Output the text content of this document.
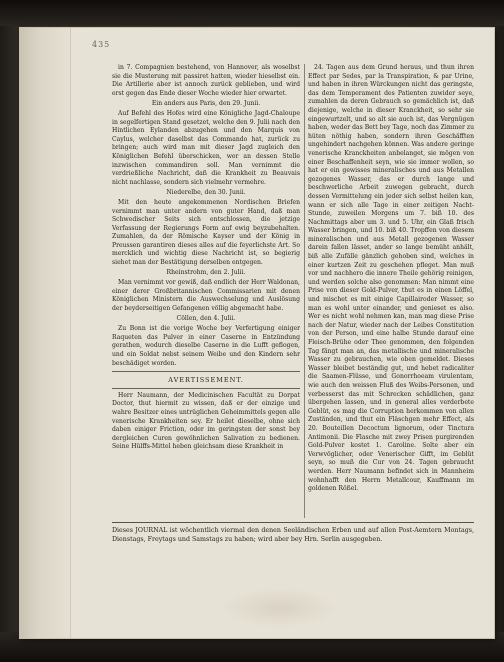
435

in 7. Compagnien bestehend, von Hannover, als woselbst sie die Musterung mit passiret hatten, wieder hieselbst ein. Die Artillerie aber ist annoch zurück geblieben, und wird erst gegen das Ende dieser Woche wieder hier erwartet.

Ein anders aus Paris, den 29. Junii.

Auf Befehl des Hofes wird eine Königliche Jagd-Chaloupe in segelfertigen Stand gesetzet, welche den 9. Julii nach den Hintlichen Eylanden abzugehen und den Marquis von Caylus, welcher daselbst das Commando hat, zurück zu bringen; auch wird man mit dieser Jagd zugleich den Königlichen Befehl überschicken, wer an dessen Stelle inzwischen commandiren soll. Man vernimmt die verdrießliche Nachricht, daß die Krankheit zu Beauvais nicht nachlasse, sondern sich vielmehr vermehre.

Niederelbe, den 30. Junii.

Mit den heute angekommenen Nordischen Briefen vernimmt man unter andern von guter Hand, daß man Schwedischer Seits sich entschlossen, die jetzige Verfassung der Regierungs Form auf ewig beyzubehalten. Zumahlen, da der Römische Kayser und der König in Preussen garantiren dieses alles auf die feyerlichste Art. So mercklich und wichtig diese Nachricht ist, so begierig siehet man der Bestätigung derselben entgegen.

Rheinstrohm, den 2. Julii.

Man vernimmt vor gewiß, daß endlich der Herr Waldonan, einer derer Großbritannischen Commissarien mit denen Königlichen Ministern die Auswechselung und Auslösung der beyderseitigen Gefangenen völlig abgemacht habe.

Cöllen, den 4. Julii.

Zu Bonn ist die vorige Woche bey Verfertigung einiger Raqueten das Pulver in einer Caserne in Entzündung gerathen, wodurch dieselbe Caserne in die Lufft geflogen, und ein Soldat nebst seinem Weibe und den Kindern sehr beschädiget worden.

AVERTISSEMENT.

Herr Naumann, der Medicinischen Facultät zu Dorpat Doctor, thut hiermit zu wissen, daß er der einzige und wahre Besitzer eines untrüglichen Geheimmittels gegen alle venerische Krankheiten sey. Er heilet dieselbe, ohne sich daben einiger Friction, oder im geringsten der sonst bey dergleichen Curen gewöhnlichen Salivation zu bedienen. Seine Hülffs-Mittel heben gleichsam diese Krankheit in

24. Tagen aus dem Grund heraus, und thun ihren Effect par Sedes, par la Transpiration, & par Urine, und haben in ihren Würckungen nicht das geringste, das dem Temperament des Patienten zuwider seye, zumahlen da deren Gebrauch so gemächlich ist, daß diejenige, welche in dieser Kranckheit, so sehr sie eingewurtzelt, und so alt sie auch ist, das Vergnügen haben, weder das Bett bey Tage, noch das Zimmer zu hüten nöthig haben, sondern ihren Geschäfften ungehindert nachgehen können. Was andere geringe venerische Kranckheiten anbelanget, sie mögen von einer Beschaffenheit seyn, wie sie immer wollen, so hat er ein gewisses mineralisches und aus Metallen gezogenes Wasser, das er durch lange und beschwerliche Arbeit zuwegen gebracht, durch dessen Vermittelung ein jeder sich selbst heilen kan, wann er sich alle Tage in einer zeitigen Nacht-Stunde, zuweilen Morgens um 7. biß 10. des Nachmittags aber um 3. und 5. Uhr, ein Glaß frisch Wasser bringen, und 10. biß 40. Tropffen von diesem mineralischen und aus Metall gezogenen Wasser darein fallen lässet, ander so lange bemüht anhält, biß alle Zufälle gänzlich gehoben sind, welches in einer kurtzen Zeit zu geschehen pfleget. Man muß vor und nachhero die innere Theile gehörig reinigen, und werden solche also genommen: Man nimmt eine Prise von dieser Gold-Pulver, thut es in einen Löffel, und mischet es mit einige Capillairoder Wasser, so man es wohl unter einander, und genieset es also. Wer es nicht wohl nehmen kan, man mag diese Prise nach der Natur, wieder nach der Leibes Constitution von der Person, und eine halbe Stunde darauf eine Fleisch-Brühe oder Thee genommen, den folgenden Tag fängt man an, das metallische und mineralische Wasser zu gebrauchen, wie oben gemeldet. Dieses Wasser bleibet beständig gut, und hebet radicaliter die Saamen-Flüsse, und Gonorrhoeam virulentam, wie auch den weissen Fluß des Weibs-Personen, und verbesserst das mit Schrecken schädlichen, ganz übergehen lassen, und in general alles verderbete Geblüt, es mag die Corruption herkommen von allen Zuständen, und thut ein Fläschgen mehr Effect, als 20. Bouteillen Decoctum lignorum, oder Tinctura Antimonii. Die Flasche mit zwey Prisen purgirenden Gold-Pulver kostet 1. Caroline. Solte aber ein Verwvöglicher, oder Venerischer Gifft, im Geblüt seyn, so muß die Cur von 24. Tagen gebraucht werden. Herr Naumann befindet sich in Mannheim wohnhafft den Herrn Metallcour, Kauffmann im goldenen Rößel.

Dieses JOURNAL ist wöchentlich viermal den denen Seeländischen Erben und auf allen Post-Aemtern Montags, Dienstags, Freytags und Samstags zu haben; wird aber bey Hrn. Serlin ausgegeben.
